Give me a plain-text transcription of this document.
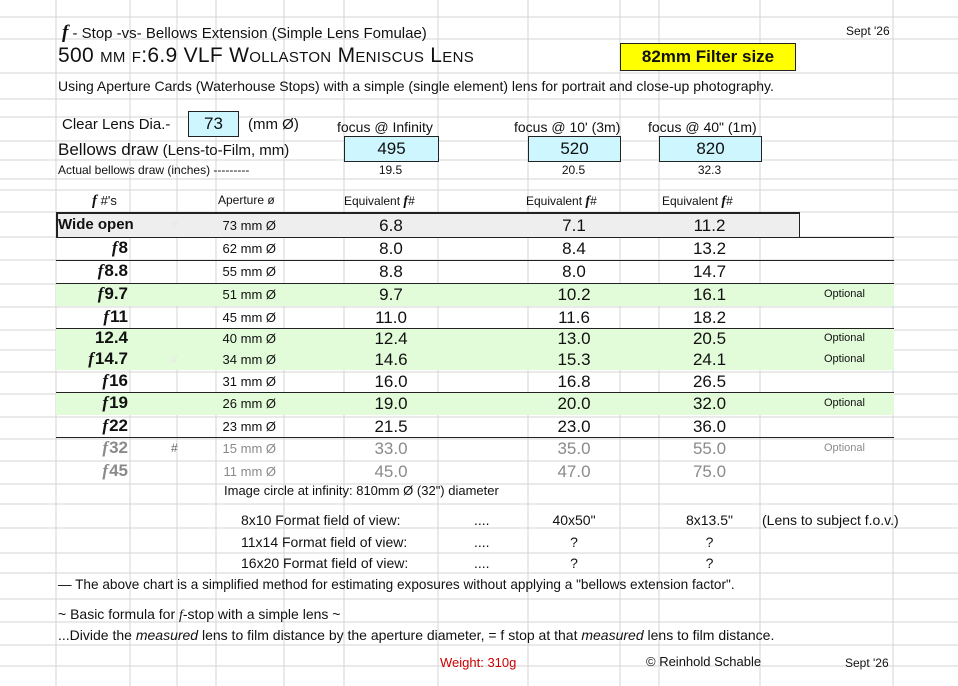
f - Stop -vs- Bellows Extension (Simple Lens Fomulae)	Sept '26
500 mm f:6.9 VLF Wollaston Meniscus Lens	82mm Filter size
Using Aperture Cards (Waterhouse Stops) with a simple (single element) lens for portrait and close-up photography.
Clear Lens Dia.-	73	(mm Ø)	focus @ Infinity	focus @ 10' (3m) focus @ 40" (1m)
Bellows draw (Lens-to-Film, mm)	495	520	820
Actual bellows draw (inches) ---------	19.5	20.5	32.3
f #'s	Aperture ø	Equivalent f#	Equivalent f#	Equivalent f#
Wide open	#	73 mm Ø	6.8	7.1	11.2
f8	62 mm Ø	8.0	8.4	13.2
f8.8	55 mm Ø	8.8	8.0	14.7
f9.7	51 mm Ø	9.7	10.2	16.1	Optional
f11	45 mm Ø	11.0	11.6	18.2
12.4	40 mm Ø	12.4	13.0	20.5	Optional
f14.7	#	34 mm Ø	14.6	15.3	24.1	Optional
f16	31 mm Ø	16.0	16.8	26.5
f19	26 mm Ø	19.0	20.0	32.0	Optional
f22	23 mm Ø	21.5	23.0	36.0
f32	#	15 mm Ø	33.0	35.0	55.0	Optional
f45	11 mm Ø	45.0	47.0	75.0
Image circle at infinity: 810mm Ø (32") diameter
8x10 Format field of view:	....	40x50"	8x13.5"	(Lens to subject f.o.v.)
11x14 Format field of view:	....	?	?
16x20 Format field of view:	....	?	?
— The above chart is a simplified method for estimating exposures without applying a "bellows extension factor".
~ Basic formula for f-stop with a simple lens ~
...Divide the measured lens to film distance by the aperture diameter, = f stop at that measured lens to film distance.
Weight: 310g	© Reinhold Schable	Sept '26
